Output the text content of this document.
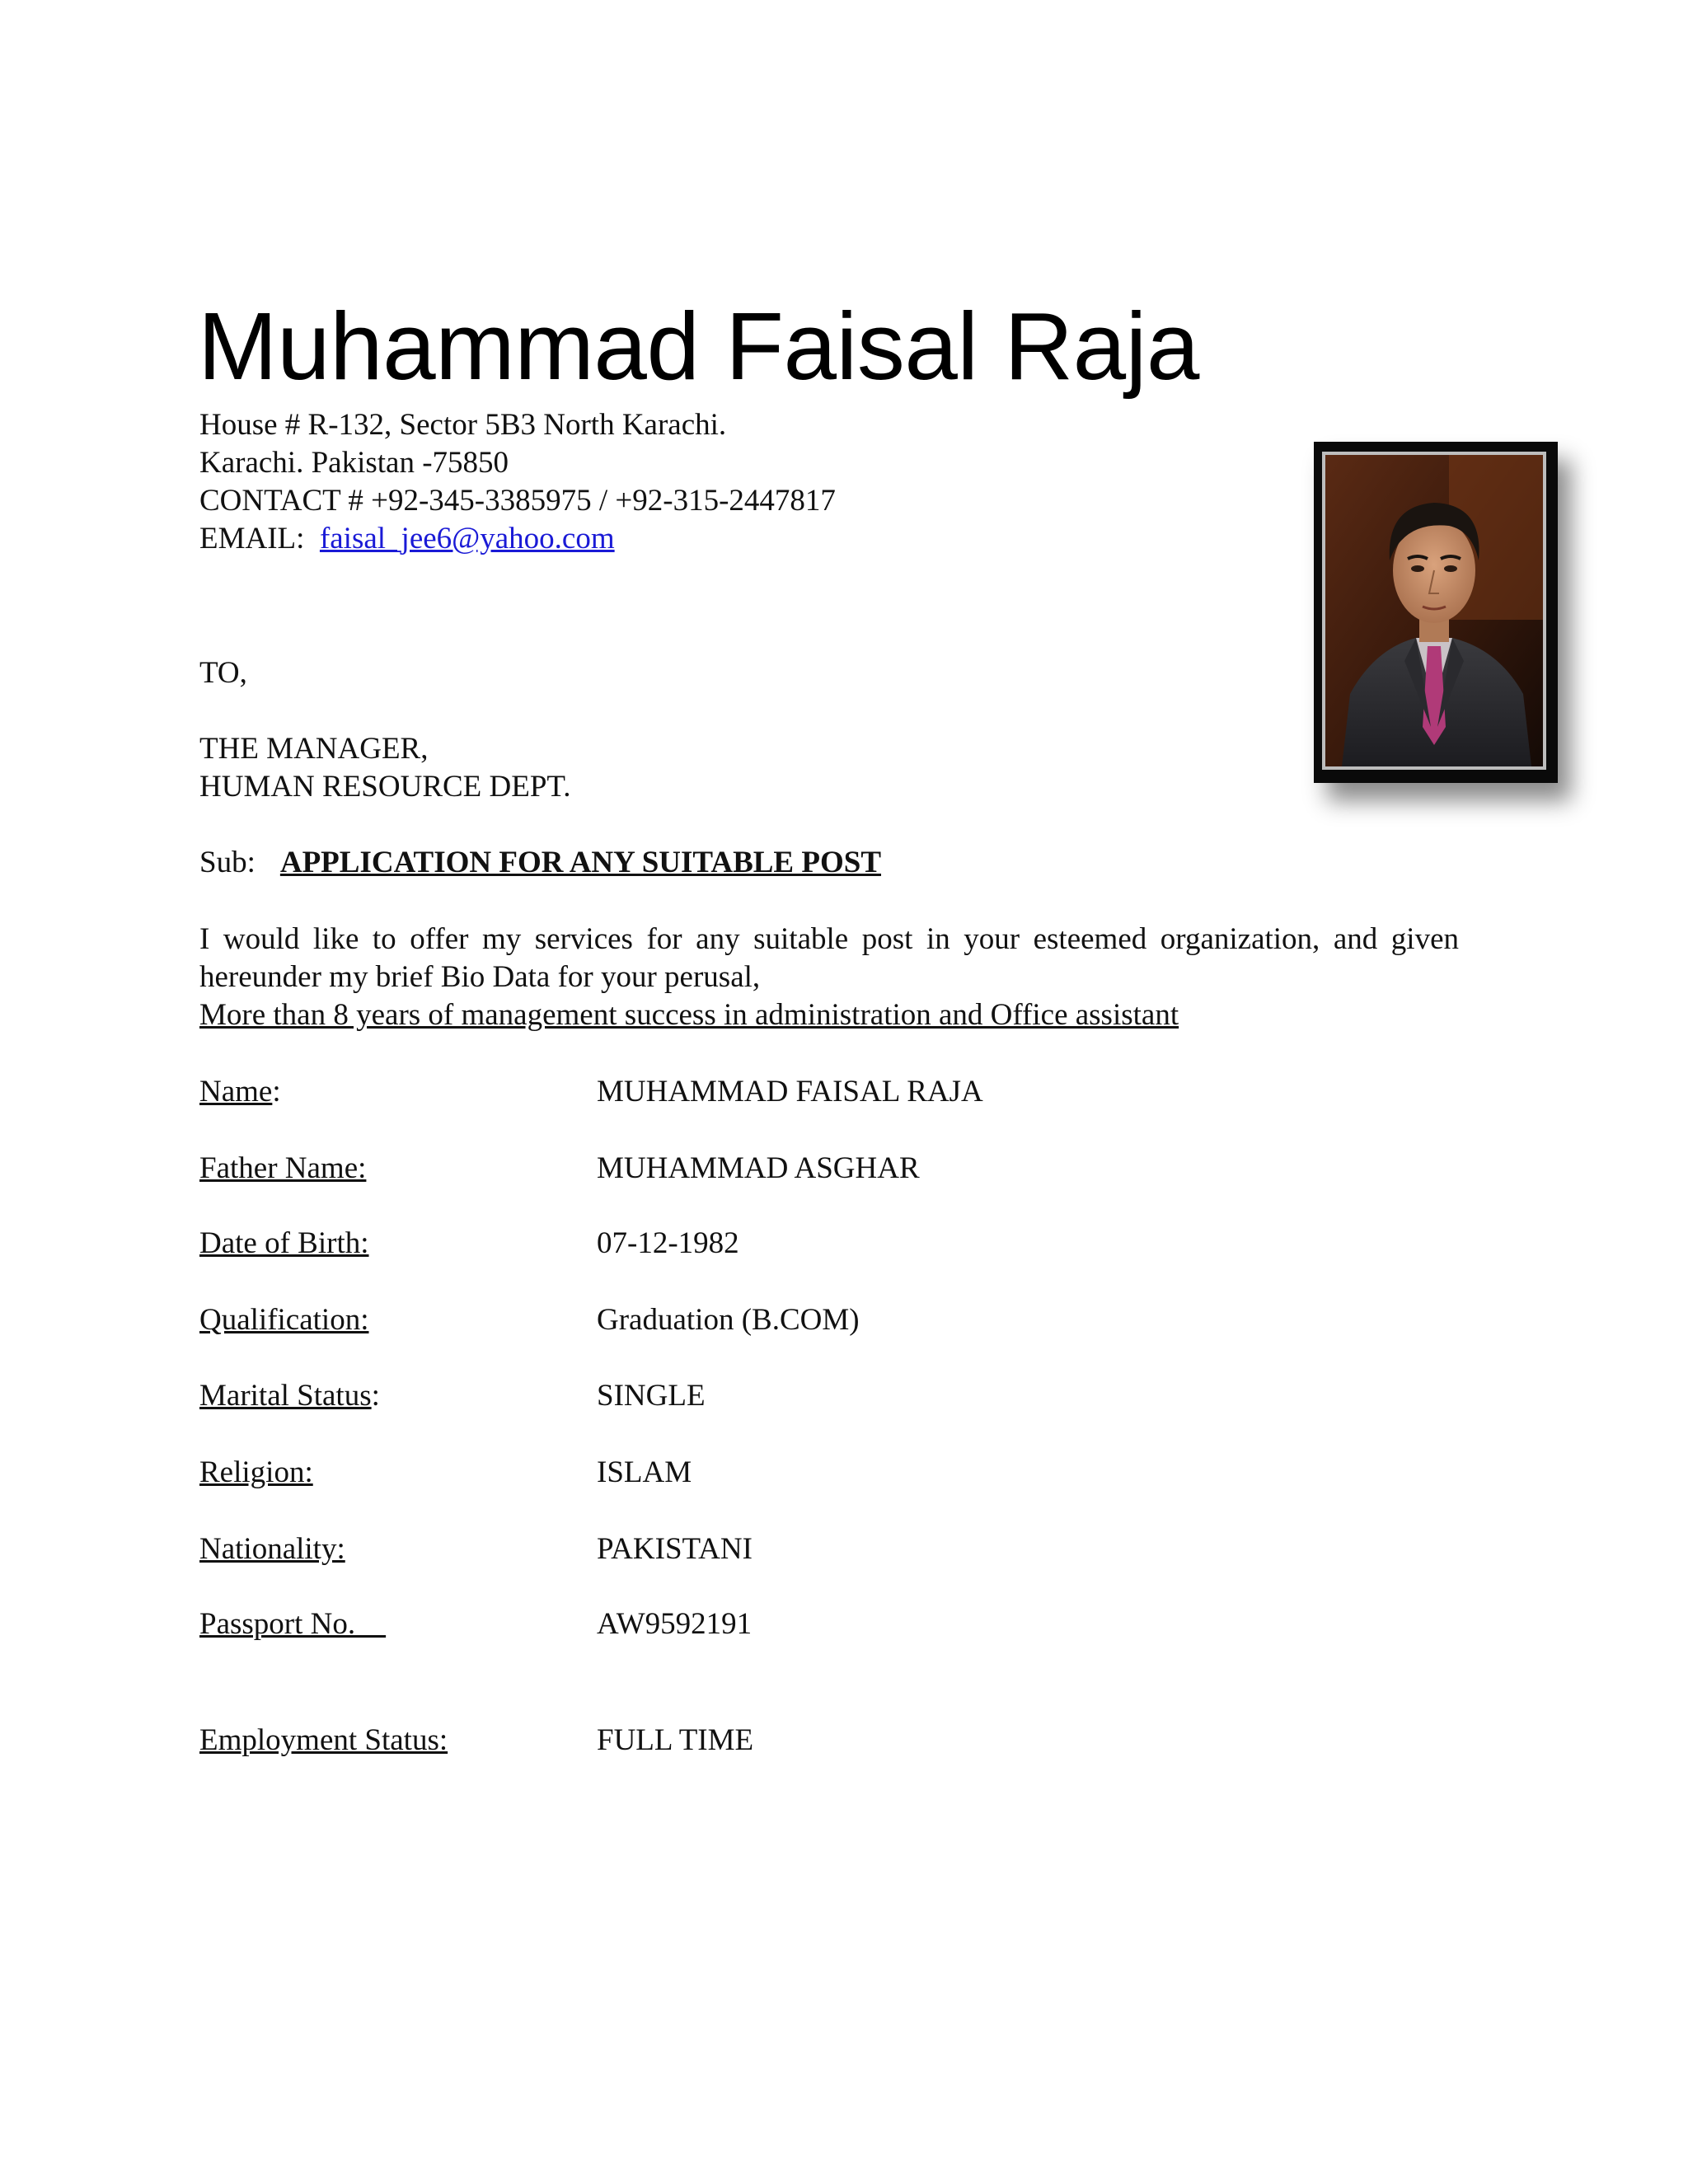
Muhammad Faisal Raja
House # R-132, Sector 5B3 North Karachi.
Karachi. Pakistan -75850
CONTACT # +92-345-3385975 / +92-315-2447817
EMAIL: faisal_jee6@yahoo.com
TO,
THE MANAGER,
HUMAN RESOURCE DEPT.
Sub: APPLICATION FOR ANY SUITABLE POST
I would like to offer my services for any suitable post in your esteemed organization, and given hereunder my brief Bio Data for your perusal,
More than 8 years of management success in administration and Office assistant
Name:	MUHAMMAD FAISAL RAJA
Father Name:	MUHAMMAD ASGHAR
Date of Birth:	07-12-1982
Qualification:	Graduation (B.COM)
Marital Status:	SINGLE
Religion:	ISLAM
Nationality:	PAKISTANI
Passport No.	AW9592191
Employment Status:	FULL TIME
